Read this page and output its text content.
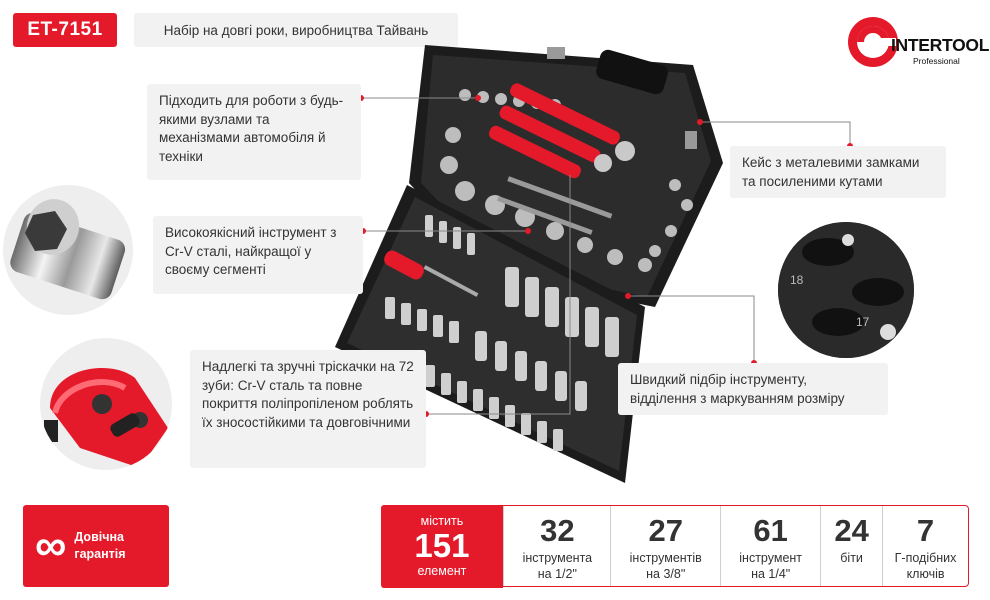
ET-7151	Набір на довгі роки, виробництва Тайвань
INTERTOOL
Professional
18
17
Підходить для роботи з будь-якими вузлами та механізмами автомобіля й техніки
Високоякісний інструмент з Cr-V сталі, найкращої у своєму сегменті
Надлегкі та зручні тріскачки на 72 зуби: Cr-V сталь та повне покриття поліпропіленом роблять їх зносостійкими та довговічними
Кейс з металевими замками та посиленими кутами
Швидкий підбір інструменту, відділення з маркуванням розміру
∞ Довічна
гарантія
містить
151
елемент
32
інструмента
на 1/2"
27
інструментів
на 3/8"
61
інструмент
на 1/4"
24
біти
7
Г-подібних
ключів
